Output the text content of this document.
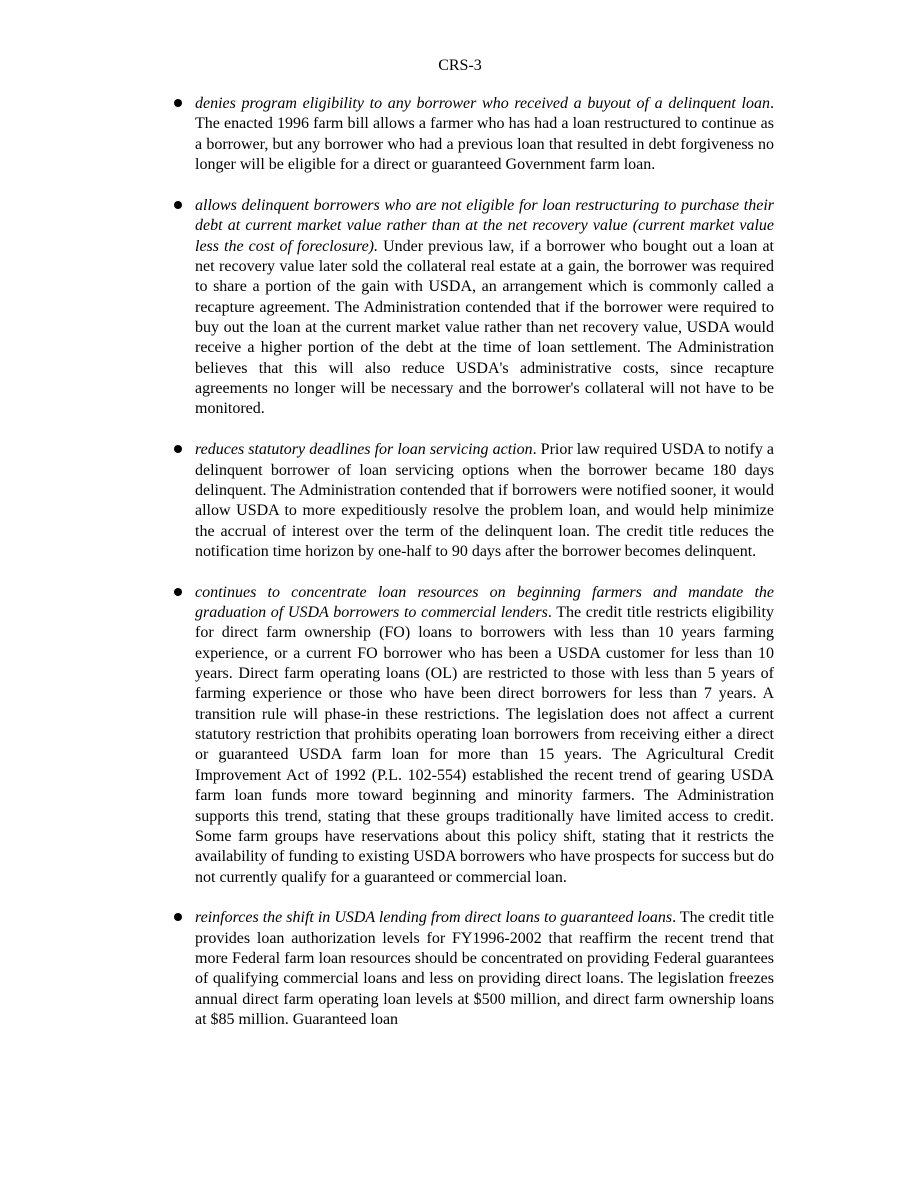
CRS-3
denies program eligibility to any borrower who received a buyout of a delinquent loan. The enacted 1996 farm bill allows a farmer who has had a loan restructured to continue as a borrower, but any borrower who had a previous loan that resulted in debt forgiveness no longer will be eligible for a direct or guaranteed Government farm loan.
allows delinquent borrowers who are not eligible for loan restructuring to purchase their debt at current market value rather than at the net recovery value (current market value less the cost of foreclosure). Under previous law, if a borrower who bought out a loan at net recovery value later sold the collateral real estate at a gain, the borrower was required to share a portion of the gain with USDA, an arrangement which is commonly called a recapture agreement. The Administration contended that if the borrower were required to buy out the loan at the current market value rather than net recovery value, USDA would receive a higher portion of the debt at the time of loan settlement. The Administration believes that this will also reduce USDA's administrative costs, since recapture agreements no longer will be necessary and the borrower's collateral will not have to be monitored.
reduces statutory deadlines for loan servicing action. Prior law required USDA to notify a delinquent borrower of loan servicing options when the borrower became 180 days delinquent. The Administration contended that if borrowers were notified sooner, it would allow USDA to more expeditiously resolve the problem loan, and would help minimize the accrual of interest over the term of the delinquent loan. The credit title reduces the notification time horizon by one-half to 90 days after the borrower becomes delinquent.
continues to concentrate loan resources on beginning farmers and mandate the graduation of USDA borrowers to commercial lenders. The credit title restricts eligibility for direct farm ownership (FO) loans to borrowers with less than 10 years farming experience, or a current FO borrower who has been a USDA customer for less than 10 years. Direct farm operating loans (OL) are restricted to those with less than 5 years of farming experience or those who have been direct borrowers for less than 7 years. A transition rule will phase-in these restrictions. The legislation does not affect a current statutory restriction that prohibits operating loan borrowers from receiving either a direct or guaranteed USDA farm loan for more than 15 years. The Agricultural Credit Improvement Act of 1992 (P.L. 102-554) established the recent trend of gearing USDA farm loan funds more toward beginning and minority farmers. The Administration supports this trend, stating that these groups traditionally have limited access to credit. Some farm groups have reservations about this policy shift, stating that it restricts the availability of funding to existing USDA borrowers who have prospects for success but do not currently qualify for a guaranteed or commercial loan.
reinforces the shift in USDA lending from direct loans to guaranteed loans. The credit title provides loan authorization levels for FY1996-2002 that reaffirm the recent trend that more Federal farm loan resources should be concentrated on providing Federal guarantees of qualifying commercial loans and less on providing direct loans. The legislation freezes annual direct farm operating loan levels at $500 million, and direct farm ownership loans at $85 million. Guaranteed loan
